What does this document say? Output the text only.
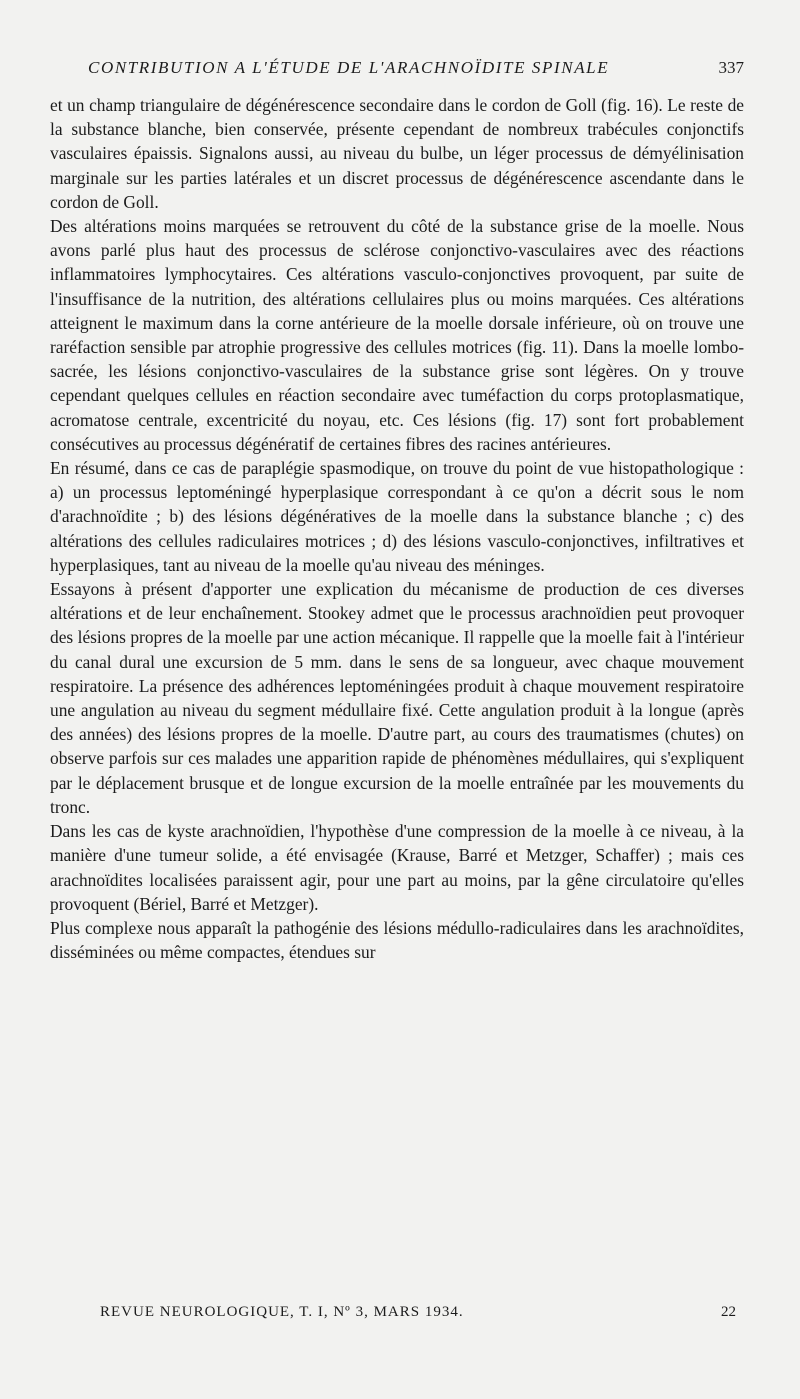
CONTRIBUTION A L'ÉTUDE DE L'ARACHNOÏDITE SPINALE	337

et un champ triangulaire de dégénérescence secondaire dans le cordon de Goll (fig. 16). Le reste de la substance blanche, bien conservée, présente cependant de nombreux trabécules conjonctifs vasculaires épaissis. Signalons aussi, au niveau du bulbe, un léger processus de démyélinisation marginale sur les parties latérales et un discret processus de dégénérescence ascendante dans le cordon de Goll.

Des altérations moins marquées se retrouvent du côté de la substance grise de la moelle. Nous avons parlé plus haut des processus de sclérose conjonctivo-vasculaires avec des réactions inflammatoires lymphocytaires. Ces altérations vasculo-conjonctives provoquent, par suite de l'insuffisance de la nutrition, des altérations cellulaires plus ou moins marquées. Ces altérations atteignent le maximum dans la corne antérieure de la moelle dorsale inférieure, où on trouve une raréfaction sensible par atrophie progressive des cellules motrices (fig. 11). Dans la moelle lombo-sacrée, les lésions conjonctivo-vasculaires de la substance grise sont légères. On y trouve cependant quelques cellules en réaction secondaire avec tuméfaction du corps protoplasmatique, acromatose centrale, excentricité du noyau, etc. Ces lésions (fig. 17) sont fort probablement consécutives au processus dégénératif de certaines fibres des racines antérieures.

En résumé, dans ce cas de paraplégie spasmodique, on trouve du point de vue histopathologique : a) un processus leptoméningé hyperplasique correspondant à ce qu'on a décrit sous le nom d'arachnoïdite ; b) des lésions dégénératives de la moelle dans la substance blanche ; c) des altérations des cellules radiculaires motrices ; d) des lésions vasculo-conjonctives, infiltratives et hyperplasiques, tant au niveau de la moelle qu'au niveau des méninges.

Essayons à présent d'apporter une explication du mécanisme de production de ces diverses altérations et de leur enchaînement. Stookey admet que le processus arachnoïdien peut provoquer des lésions propres de la moelle par une action mécanique. Il rappelle que la moelle fait à l'intérieur du canal dural une excursion de 5 mm. dans le sens de sa longueur, avec chaque mouvement respiratoire. La présence des adhérences leptoméningées produit à chaque mouvement respiratoire une angulation au niveau du segment médullaire fixé. Cette angulation produit à la longue (après des années) des lésions propres de la moelle. D'autre part, au cours des traumatismes (chutes) on observe parfois sur ces malades une apparition rapide de phénomènes médullaires, qui s'expliquent par le déplacement brusque et de longue excursion de la moelle entraînée par les mouvements du tronc.

Dans les cas de kyste arachnoïdien, l'hypothèse d'une compression de la moelle à ce niveau, à la manière d'une tumeur solide, a été envisagée (Krause, Barré et Metzger, Schaffer) ; mais ces arachnoïdites localisées paraissent agir, pour une part au moins, par la gêne circulatoire qu'elles provoquent (Bériel, Barré et Metzger).

Plus complexe nous apparaît la pathogénie des lésions médullo-radiculaires dans les arachnoïdites, disséminées ou même compactes, étendues sur

REVUE NEUROLOGIQUE, T. I, Nº 3, MARS 1934.	22
